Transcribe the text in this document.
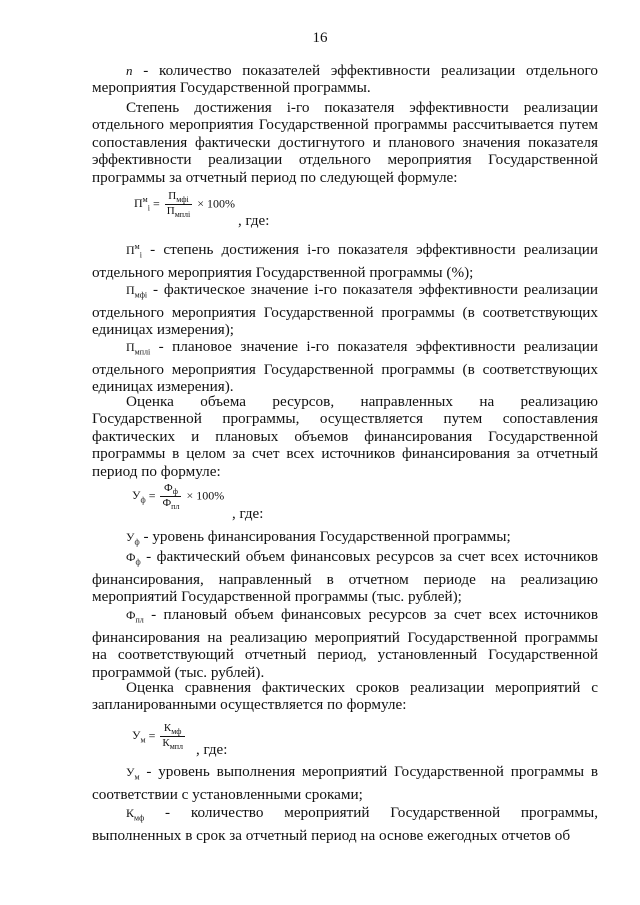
16
n - количество показателей эффективности реализации отдельного мероприятия Государственной программы.
Степень достижения i-го показателя эффективности реализации отдельного мероприятия Государственной программы рассчитывается путем сопоставления фактически достигнутого и планового значения показателя эффективности реализации отдельного мероприятия Государственной программы за отчетный период по следующей формуле:
$П^м_i = \frac{П_{мфi}}{П_{мплi}} \times 100\%$
, где:
$П^м_i$ - степень достижения i-го показателя эффективности реализации отдельного мероприятия Государственной программы (%);
$П_{мфi}$ - фактическое значение i-го показателя эффективности реализации отдельного мероприятия Государственной программы (в соответствующих единицах измерения);
$П_{мплi}$ - плановое значение i-го показателя эффективности реализации отдельного мероприятия Государственной программы (в соответствующих единицах измерения).
Оценка объема ресурсов, направленных на реализацию Государственной программы, осуществляется путем сопоставления фактических и плановых объемов финансирования Государственной программы в целом за счет всех источников финансирования за отчетный период по формуле:
$У_ф = \frac{Ф_ф}{Ф_{пл}} \times 100\%$
, где:
$У_ф$ - уровень финансирования Государственной программы;
$Ф_ф$ - фактический объем финансовых ресурсов за счет всех источников финансирования, направленный в отчетном периоде на реализацию мероприятий Государственной программы (тыс. рублей);
$Ф_{пл}$ - плановый объем финансовых ресурсов за счет всех источников финансирования на реализацию мероприятий Государственной программы на соответствующий отчетный период, установленный Государственной программой (тыс. рублей).
Оценка сравнения фактических сроков реализации мероприятий с запланированными осуществляется по формуле:
$У_м = \frac{К_{мф}}{К_{мпл}}$ , где:
$У_м$ - уровень выполнения мероприятий Государственной программы в соответствии с установленными сроками;
$К_{мф}$ - количество мероприятий Государственной программы, выполненных в срок за отчетный период на основе ежегодных отчетов об
